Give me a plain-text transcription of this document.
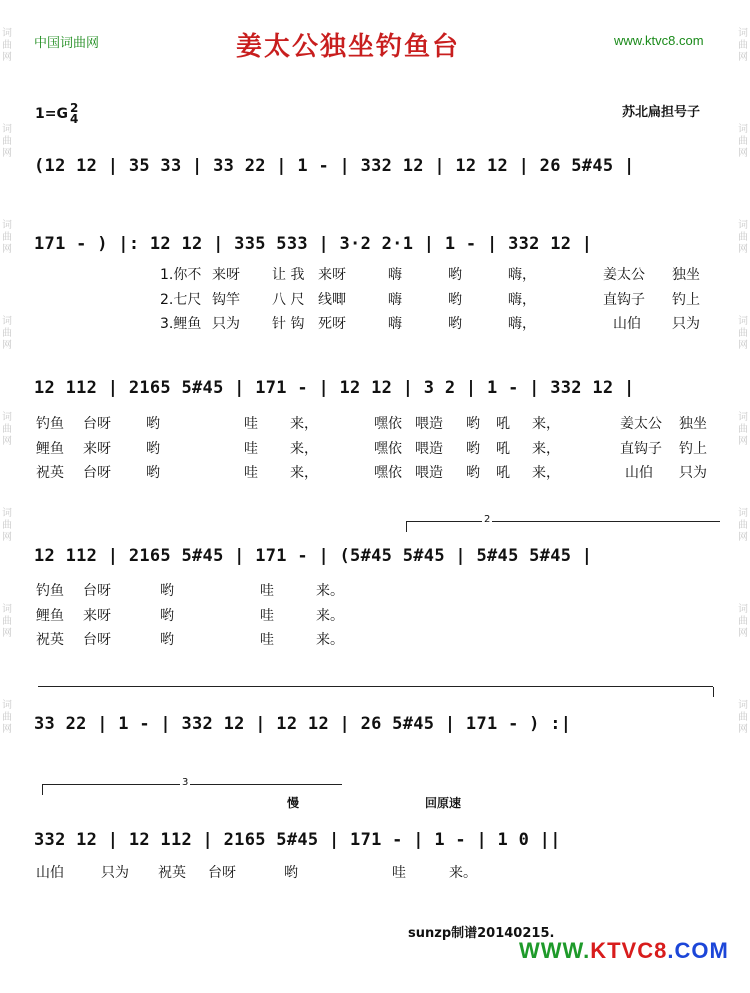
词
曲
网
词
曲
网
词
曲
网
词
曲
网
词
曲
网
词
曲
网
词
曲
网
词
曲
网
词
曲
网
词
曲
网
词
曲
网
词
曲
网
词
曲
网
词
曲
网
词
曲
网
词
曲
网
中国词曲网	姜太公独坐钓鱼台	www.ktvc8.com
1=G 2
4	苏北扁担号子
(12 12 | 35 33 | 33 22 | 1 - | 332 12 | 12 12 | 26 5#45 |
171 - ) |: 12 12 | 335 533 | 3·2 2·1 | 1 - | 332 12 |
1.你不 来呀 让 我 来呀	嗨	哟	嗨，	姜太公 独坐
2.七尺 钩竿 八 尺 线唧	嗨	哟	嗨，	直钩子 钓上
3.鲤鱼 只为 针 钩 死呀	嗨	哟	嗨，	山伯 只为
12 112 | 2165 5#45 | 171 - | 12 12 | 3 2 | 1 - | 332 12 |
钓鱼 台呀	哟	哇 来，	嘿依 喂造 哟 吼 来，	姜太公 独坐
鲤鱼 来呀	哟	哇 来，	嘿依 喂造 哟 吼 来，	直钩子 钓上
祝英 台呀	哟	哇 来，	嘿依 喂造 哟 吼 来，	山伯 只为
2
12 112 | 2165 5#45 | 171 - | (5#45 5#45 | 5#45 5#45 |
钓鱼 台呀	哟	哇	来。
鲤鱼 来呀	哟	哇	来。
祝英 台呀	哟	哇	来。
33 22 | 1 - | 332 12 | 12 12 | 26 5#45 | 171 - ) :|
3
慢	回原速
332 12 | 12 112 | 2165 5#45 | 171 - | 1 - | 1 0 ||
山伯	只为 祝英 台呀	哟	哇	来。
sunzp制谱20140215.
WWW.KTVC8.COM
